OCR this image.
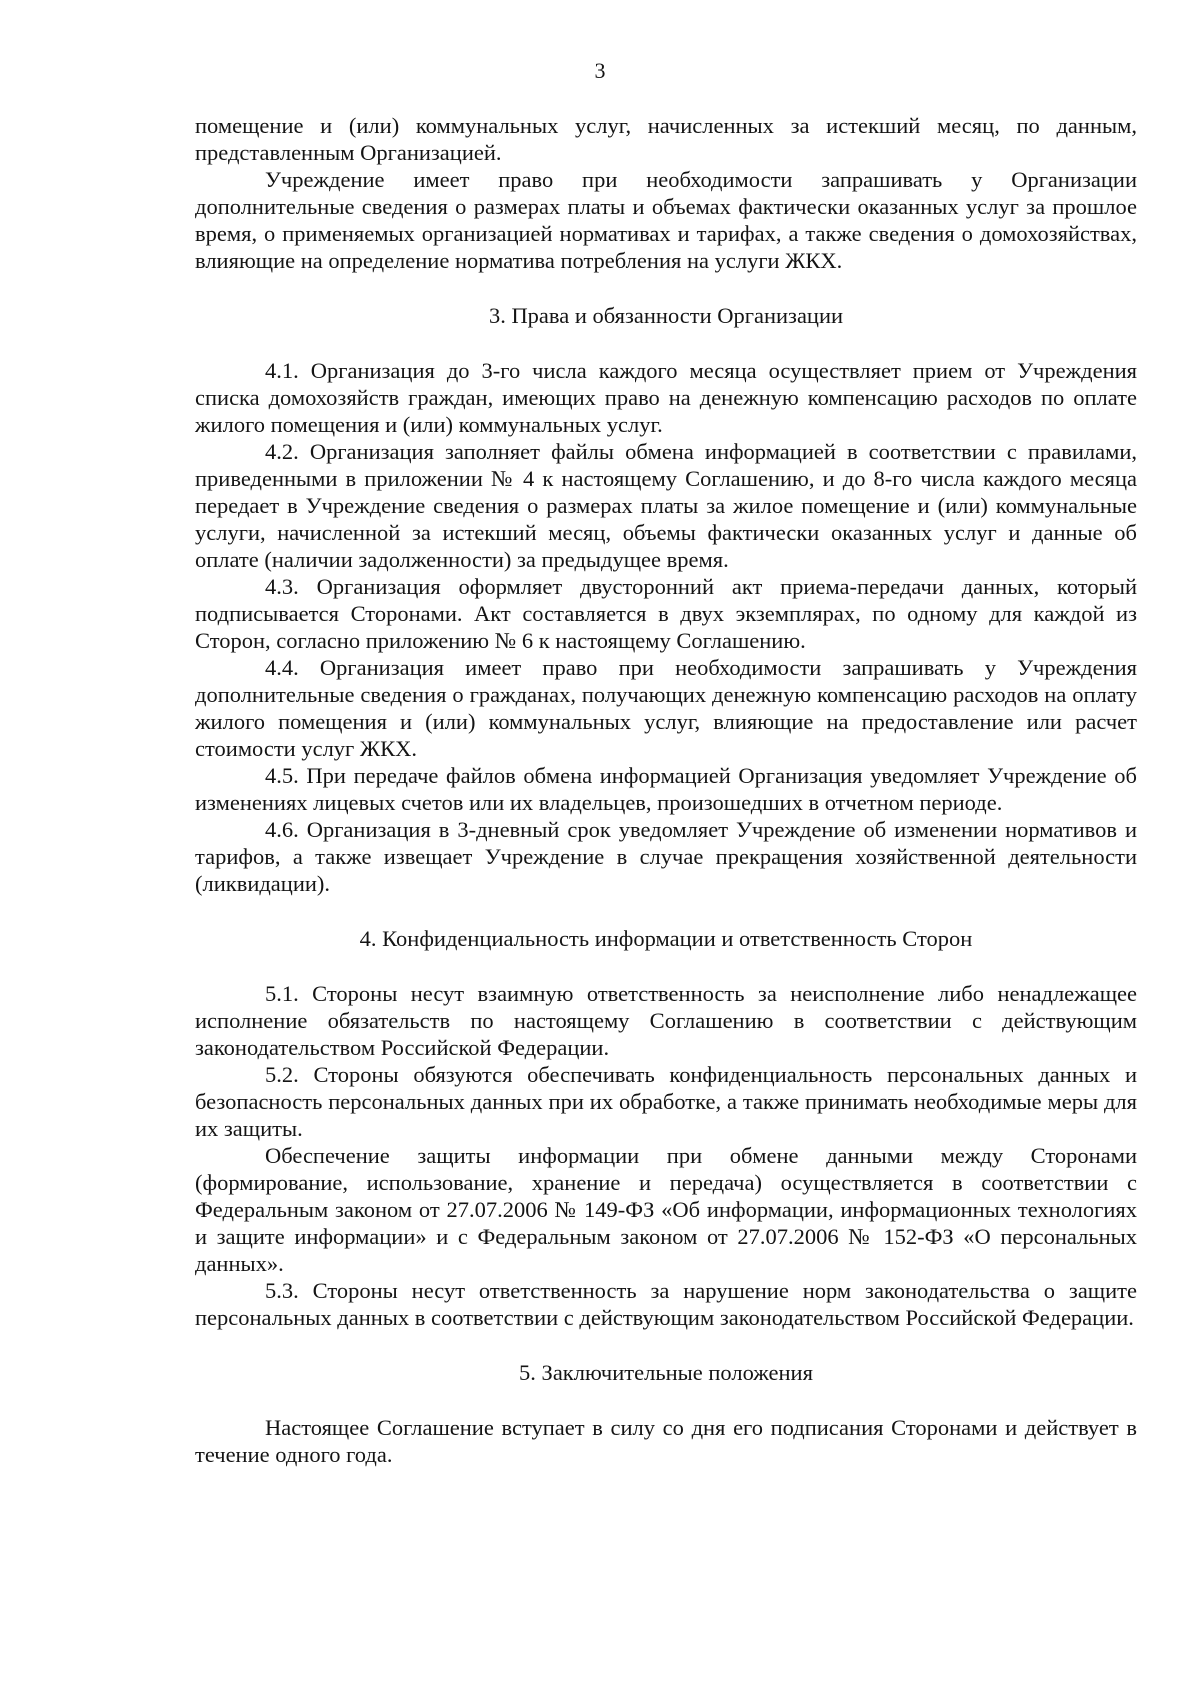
3

помещение и (или) коммунальных услуг, начисленных за истекший месяц, по данным, представленным Организацией.

Учреждение имеет право при необходимости запрашивать у Организации дополнительные сведения о размерах платы и объемах фактически оказанных услуг за прошлое время, о применяемых организацией нормативах и тарифах, а также сведения о домохозяйствах, влияющие на определение норматива потребления на услуги ЖКХ.

3. Права и обязанности Организации

4.1. Организация до 3-го числа каждого месяца осуществляет прием от Учреждения списка домохозяйств граждан, имеющих право на денежную компенсацию расходов по оплате жилого помещения и (или) коммунальных услуг.

4.2. Организация заполняет файлы обмена информацией в соответствии с правилами, приведенными в приложении № 4 к настоящему Соглашению, и до 8-го числа каждого месяца передает в Учреждение сведения о размерах платы за жилое помещение и (или) коммунальные услуги, начисленной за истекший месяц, объемы фактически оказанных услуг и данные об оплате (наличии задолженности) за предыдущее время.

4.3. Организация оформляет двусторонний акт приема-передачи данных, который подписывается Сторонами. Акт составляется в двух экземплярах, по одному для каждой из Сторон, согласно приложению № 6 к настоящему Соглашению.

4.4. Организация имеет право при необходимости запрашивать у Учреждения дополнительные сведения о гражданах, получающих денежную компенсацию расходов на оплату жилого помещения и (или) коммунальных услуг, влияющие на предоставление или расчет стоимости услуг ЖКХ.

4.5. При передаче файлов обмена информацией Организация уведомляет Учреждение об изменениях лицевых счетов или их владельцев, произошедших в отчетном периоде.

4.6. Организация в 3-дневный срок уведомляет Учреждение об изменении нормативов и тарифов, а также извещает Учреждение в случае прекращения хозяйственной деятельности (ликвидации).

4. Конфиденциальность информации и ответственность Сторон

5.1. Стороны несут взаимную ответственность за неисполнение либо ненадлежащее исполнение обязательств по настоящему Соглашению в соответствии с действующим законодательством Российской Федерации.

5.2. Стороны обязуются обеспечивать конфиденциальность персональных данных и безопасность персональных данных при их обработке, а также принимать необходимые меры для их защиты.

Обеспечение защиты информации при обмене данными между Сторонами (формирование, использование, хранение и передача) осуществляется в соответствии с Федеральным законом от 27.07.2006 № 149-ФЗ «Об информации, информационных технологиях и защите информации» и с Федеральным законом от 27.07.2006 № 152-ФЗ «О персональных данных».

5.3. Стороны несут ответственность за нарушение норм законодательства о защите персональных данных в соответствии с действующим законодательством Российской Федерации.

5. Заключительные положения

Настоящее Соглашение вступает в силу со дня его подписания Сторонами и действует в течение одного года.
